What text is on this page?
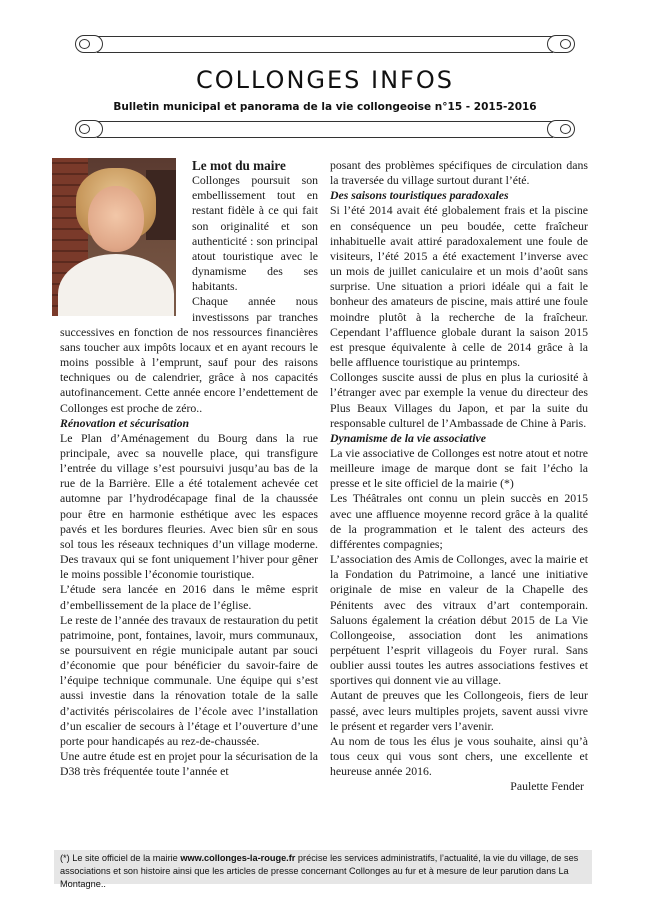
COLLONGES INFOS
Bulletin municipal et panorama de la vie collongeoise n°15 - 2015-2016

Le mot du maire

Collonges poursuit son embellissement tout en restant fidèle à ce qui fait son originalité et son authenticité : son principal atout touristique avec le dynamisme des ses habitants.

Chaque année nous investissons par tranches successives en fonction de nos ressources financières sans toucher aux impôts locaux et en ayant recours le moins possible à l’emprunt, sauf pour des raisons techniques ou de calendrier, grâce à nos capacités autofinancement. Cette année encore l’endettement de Collonges est proche de zéro..

Rénovation et sécurisation

Le Plan d’Aménagement du Bourg dans la rue principale, avec sa nouvelle place, qui transfigure l’entrée du village s’est poursuivi jusqu’au bas de la rue de la Barrière. Elle a été totalement achevée cet automne par l’hydrodécapage final de la chaussée pour être en harmonie esthétique avec les espaces pavés et les bordures fleuries. Avec bien sûr en sous sol tous les réseaux techniques d’un village moderne. Des travaux qui se font uniquement l’hiver pour gêner le moins possible l’économie touristique.

L’étude sera lancée en 2016 dans le même esprit d’embellissement de la place de l’église.

Le reste de l’année des travaux de restauration du petit patrimoine, pont, fontaines, lavoir, murs communaux, se poursuivent en régie municipale autant par souci d’économie que pour bénéficier du savoir-faire de l’équipe technique communale. Une équipe qui s’est aussi investie dans la rénovation totale de la salle d’activités périscolaires de l’école avec l’installation d’un escalier de secours à l’étage et l’ouverture d’une porte pour handicapés au rez-de-chaussée.

Une autre étude est en projet pour la sécurisation de la D38 très fréquentée toute l’année et

posant des problèmes spécifiques de circulation dans la traversée du village surtout durant l’été.

Des saisons touristiques paradoxales

Si l’été 2014 avait été globalement frais et la piscine en conséquence un peu boudée, cette fraîcheur inhabituelle avait attiré paradoxalement une foule de visiteurs, l’été 2015 a été exactement l’inverse avec un mois de juillet caniculaire et un mois d’août sans surprise. Une situation a priori idéale qui a fait le bonheur des amateurs de piscine, mais attiré une foule moindre plutôt à la recherche de la fraîcheur. Cependant l’affluence globale durant la saison 2015 est presque équivalente à celle de 2014 grâce à la belle affluence touristique au printemps.

Collonges suscite aussi de plus en plus la curiosité à l’étranger avec par exemple la venue du directeur des Plus Beaux Villages du Japon, et par la suite du responsable culturel de l’Ambassade de Chine à Paris.

Dynamisme de la vie associative

La vie associative de Collonges est notre atout et notre meilleure image de marque dont se fait l’écho la presse et le site officiel de la mairie (*)

Les Théâtrales ont connu un plein succès en 2015 avec une affluence moyenne record grâce à la qualité de la programmation et le talent des acteurs des différentes compagnies;

L’association des Amis de Collonges, avec la mairie et la Fondation du Patrimoine, a lancé une initiative originale de mise en valeur de la Chapelle des Pénitents avec des vitraux d’art contemporain. Saluons également la création début 2015 de La Vie Collongeoise, association dont les animations perpétuent l’esprit villageois du Foyer rural. Sans oublier aussi toutes les autres associations festives et sportives qui donnent vie au village.

Autant de preuves que les Collongeois, fiers de leur passé, avec leurs multiples projets, savent aussi vivre le présent et regarder vers l’avenir.

Au nom de tous les élus je vous souhaite, ainsi qu’à tous ceux qui vous sont chers, une excellente et heureuse année 2016.

Paulette Fender

(*) Le site officiel de la mairie www.collonges-la-rouge.fr précise les services administratifs, l’actualité, la vie du village, de ses associations et son histoire ainsi que les articles de presse concernant Collonges au fur et à mesure de leur parution dans La Montagne..
